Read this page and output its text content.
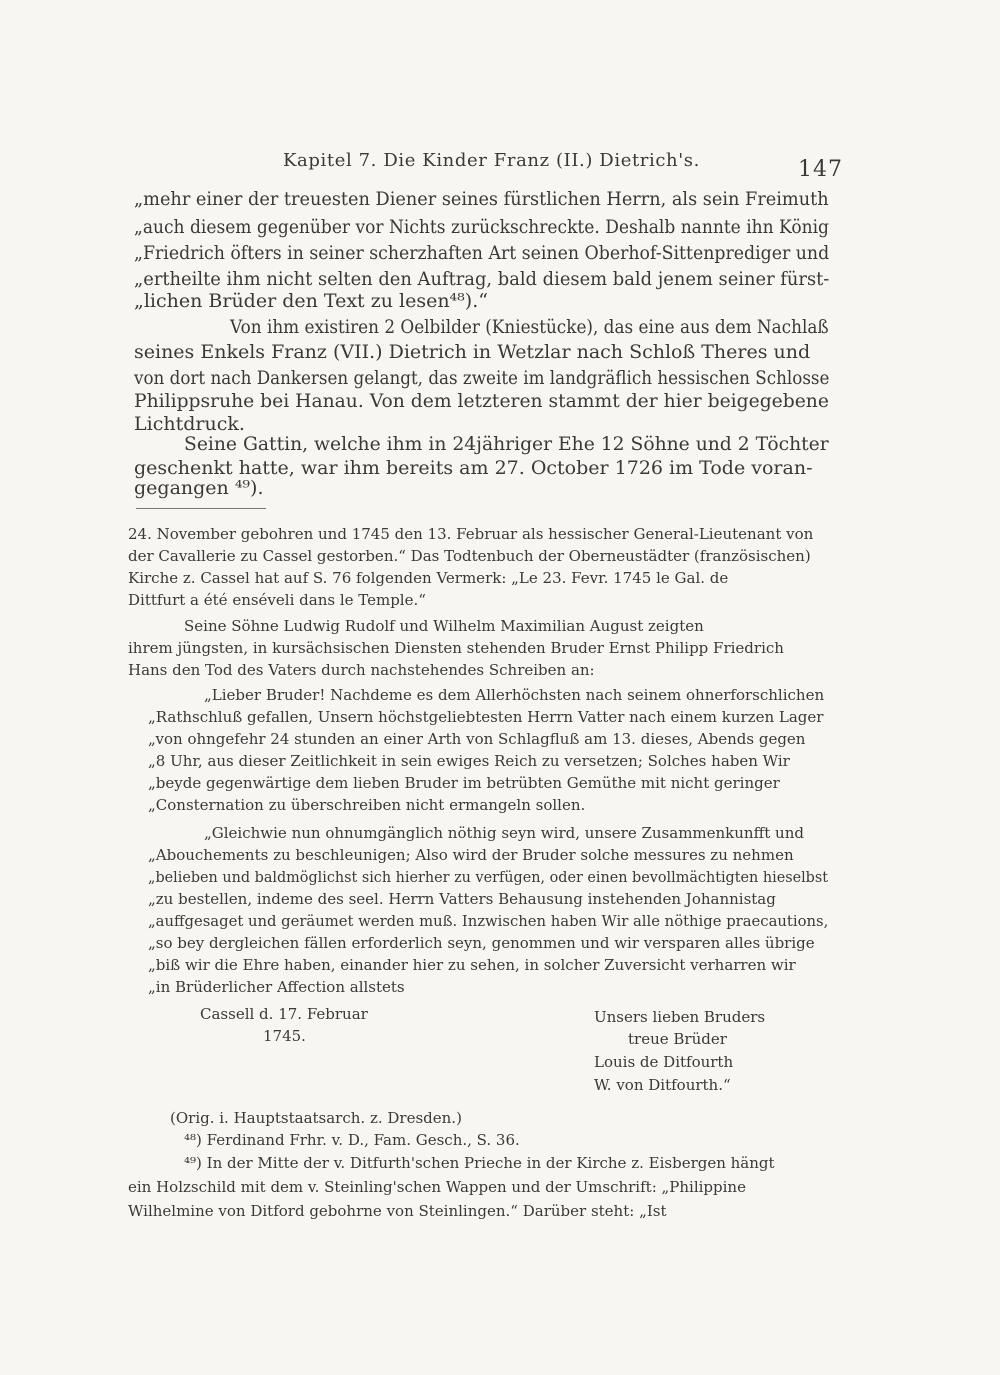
Kapitel 7. Die Kinder Franz (II.) Dietrich's.	147
„mehr einer der treuesten Diener seines fürstlichen Herrn, als sein Freimuth
„auch diesem gegenüber vor Nichts zurückschreckte. Deshalb nannte ihn König
„Friedrich öfters in seiner scherzhaften Art seinen Oberhof-Sittenprediger und
„ertheilte ihm nicht selten den Auftrag, bald diesem bald jenem seiner fürst-
„lichen Brüder den Text zu lesen⁴⁸).“
Von ihm existiren 2 Oelbilder (Kniestücke), das eine aus dem Nachlaß
seines Enkels Franz (VII.) Dietrich in Wetzlar nach Schloß Theres und
von dort nach Dankersen gelangt, das zweite im landgräflich hessischen Schlosse
Philippsruhe bei Hanau. Von dem letzteren stammt der hier beigegebene
Lichtdruck.
Seine Gattin, welche ihm in 24jähriger Ehe 12 Söhne und 2 Töchter
geschenkt hatte, war ihm bereits am 27. October 1726 im Tode voran-
gegangen ⁴⁹).
24. November gebohren und 1745 den 13. Februar als hessischer General-Lieutenant von
der Cavallerie zu Cassel gestorben.“ Das Todtenbuch der Oberneustädter (französischen)
Kirche z. Cassel hat auf S. 76 folgenden Vermerk: „Le 23. Fevr. 1745 le Gal. de
Dittfurt a été enséveli dans le Temple.“
Seine Söhne Ludwig Rudolf und Wilhelm Maximilian August zeigten
ihrem jüngsten, in kursächsischen Diensten stehenden Bruder Ernst Philipp Friedrich
Hans den Tod des Vaters durch nachstehendes Schreiben an:
„Lieber Bruder! Nachdeme es dem Allerhöchsten nach seinem ohnerforschlichen
„Rathschluß gefallen, Unsern höchstgeliebtesten Herrn Vatter nach einem kurzen Lager
„von ohngefehr 24 stunden an einer Arth von Schlagfluß am 13. dieses, Abends gegen
„8 Uhr, aus dieser Zeitlichkeit in sein ewiges Reich zu versetzen; Solches haben Wir
„beyde gegenwärtige dem lieben Bruder im betrübten Gemüthe mit nicht geringer
„Consternation zu überschreiben nicht ermangeln sollen.
„Gleichwie nun ohnumgänglich nöthig seyn wird, unsere Zusammenkunfft und
„Abouchements zu beschleunigen; Also wird der Bruder solche messures zu nehmen
„belieben und baldmöglichst sich hierher zu verfügen, oder einen bevollmächtigten hieselbst
„zu bestellen, indeme des seel. Herrn Vatters Behausung instehenden Johannistag
„auffgesaget und geräumet werden muß. Inzwischen haben Wir alle nöthige praecautions,
„so bey dergleichen fällen erforderlich seyn, genommen und wir versparen alles übrige
„biß wir die Ehre haben, einander hier zu sehen, in solcher Zuversicht verharren wir
„in Brüderlicher Affection allstets
Cassell d. 17. Februar
1745.
Unsers lieben Bruders
treue Brüder
Louis de Ditfourth
W. von Ditfourth.“
(Orig. i. Hauptstaatsarch. z. Dresden.)
⁴⁸) Ferdinand Frhr. v. D., Fam. Gesch., S. 36.
⁴⁹) In der Mitte der v. Ditfurth'schen Prieche in der Kirche z. Eisbergen hängt
ein Holzschild mit dem v. Steinling'schen Wappen und der Umschrift: „Philippine
Wilhelmine von Ditford gebohrne von Steinlingen.“ Darüber steht: „Ist
